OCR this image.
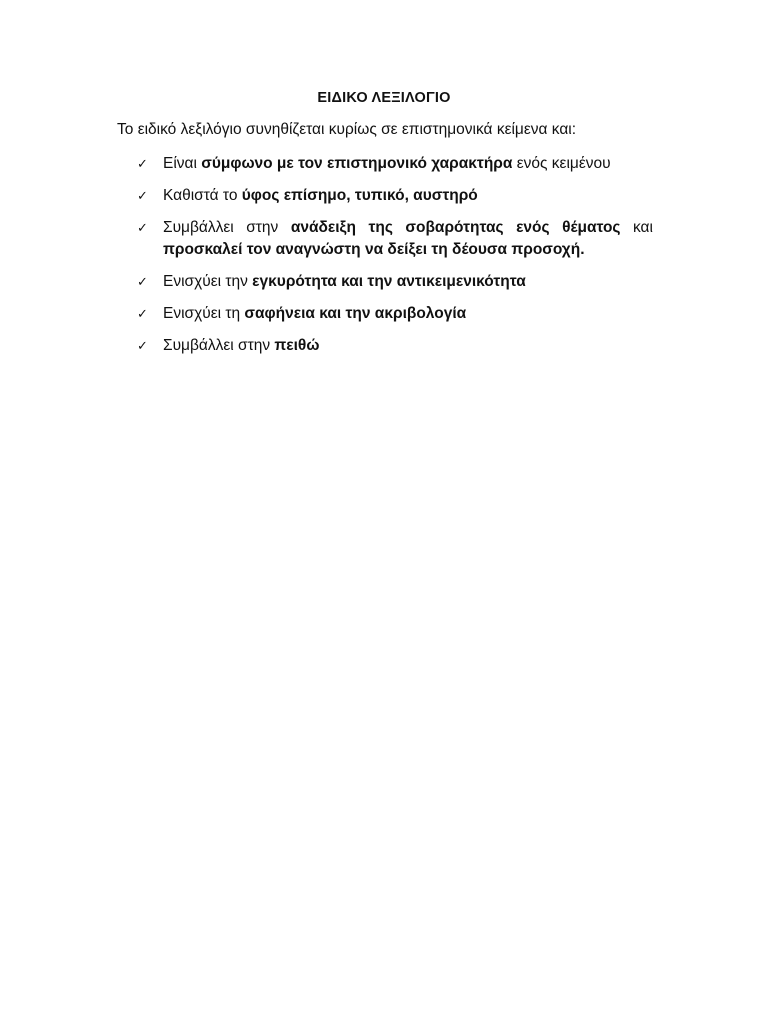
ΕΙΔΙΚΟ ΛΕΞΙΛΟΓΙΟ
Το ειδικό λεξιλόγιο συνηθίζεται κυρίως σε επιστημονικά κείμενα και:
✓ Είναι σύμφωνο με τον επιστημονικό χαρακτήρα ενός κειμένου
✓ Καθιστά το ύφος επίσημο, τυπικό, αυστηρό
✓ Συμβάλλει στην ανάδειξη της σοβαρότητας ενός θέματος και προσκαλεί τον αναγνώστη να δείξει τη δέουσα προσοχή.
✓ Ενισχύει την εγκυρότητα και την αντικειμενικότητα
✓ Ενισχύει τη σαφήνεια και την ακριβολογία
✓ Συμβάλλει στην πειθώ
